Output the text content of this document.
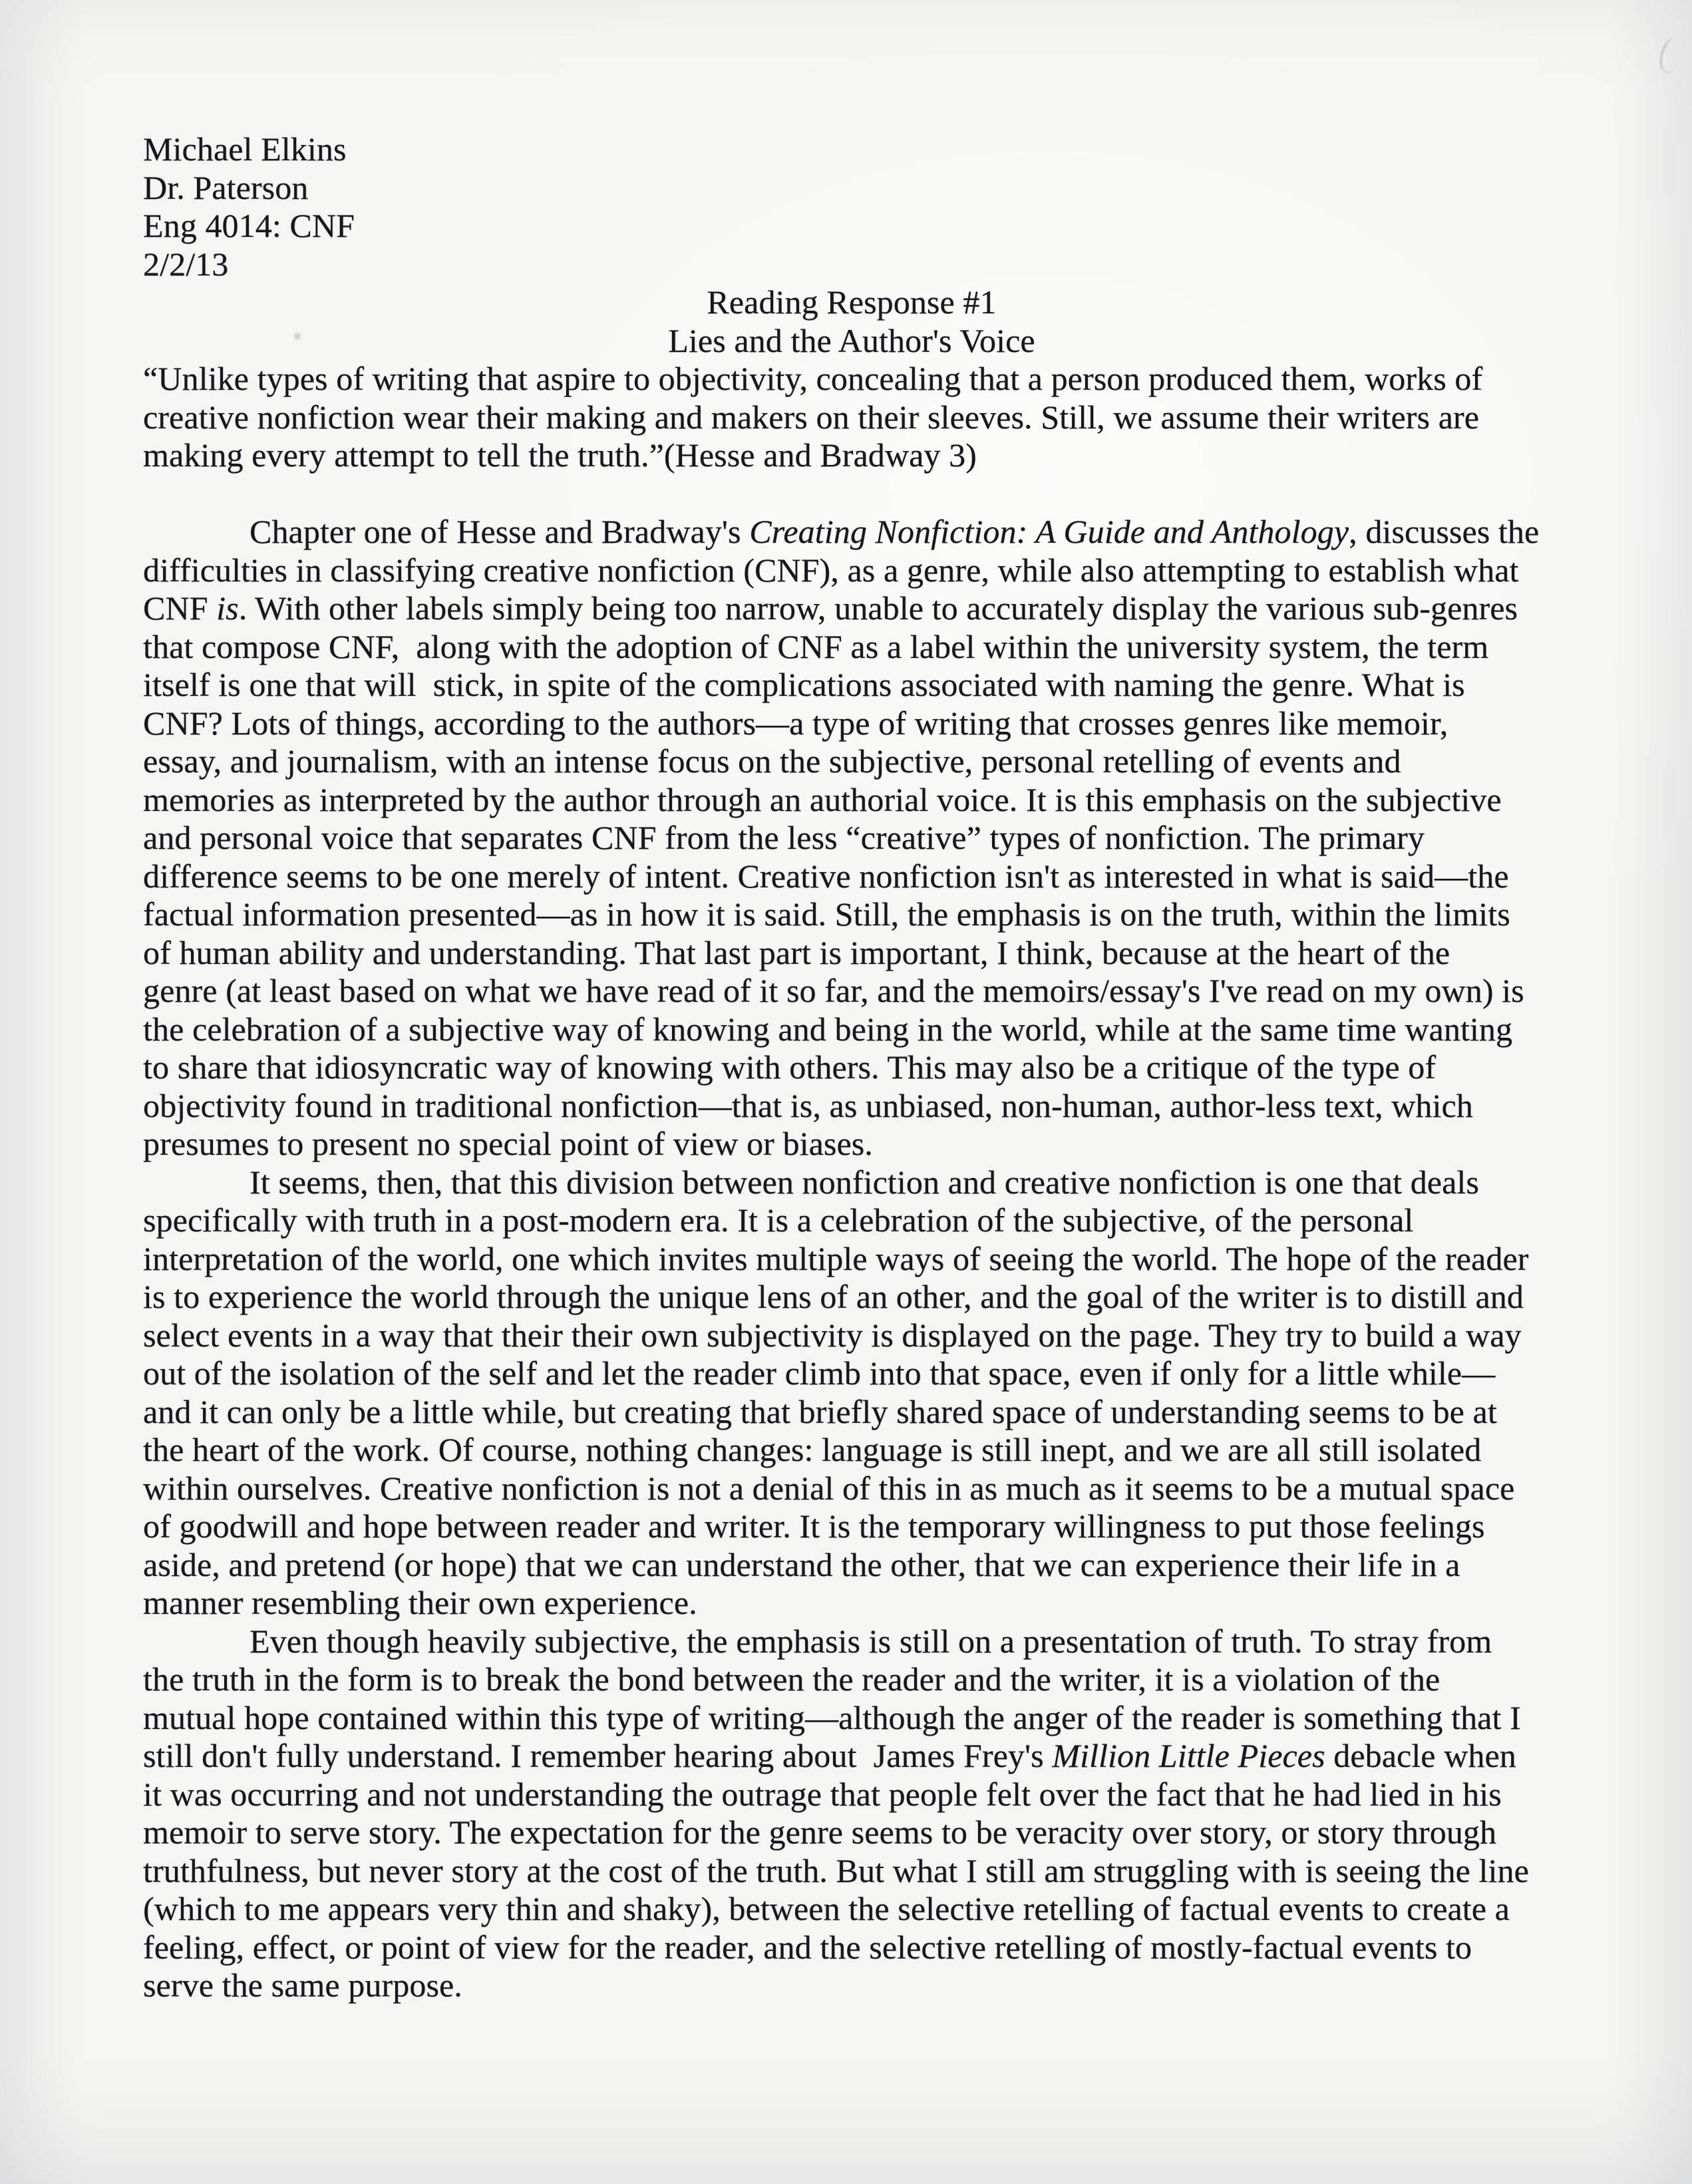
Michael Elkins
Dr. Paterson
Eng 4014: CNF
2/2/13
Reading Response #1
Lies and the Author's Voice
“Unlike types of writing that aspire to objectivity, concealing that a person produced them, works of
creative nonfiction wear their making and makers on their sleeves. Still, we assume their writers are
making every attempt to tell the truth.”(Hesse and Bradway 3)
Chapter one of Hesse and Bradway's Creating Nonfiction: A Guide and Anthology, discusses the
difficulties in classifying creative nonfiction (CNF), as a genre, while also attempting to establish what
CNF is. With other labels simply being too narrow, unable to accurately display the various sub-genres
that compose CNF,  along with the adoption of CNF as a label within the university system, the term
itself is one that will  stick, in spite of the complications associated with naming the genre. What is
CNF? Lots of things, according to the authors—a type of writing that crosses genres like memoir,
essay, and journalism, with an intense focus on the subjective, personal retelling of events and
memories as interpreted by the author through an authorial voice. It is this emphasis on the subjective
and personal voice that separates CNF from the less “creative” types of nonfiction. The primary
difference seems to be one merely of intent. Creative nonfiction isn't as interested in what is said—the
factual information presented—as in how it is said. Still, the emphasis is on the truth, within the limits
of human ability and understanding. That last part is important, I think, because at the heart of the
genre (at least based on what we have read of it so far, and the memoirs/essay's I've read on my own) is
the celebration of a subjective way of knowing and being in the world, while at the same time wanting
to share that idiosyncratic way of knowing with others. This may also be a critique of the type of
objectivity found in traditional nonfiction—that is, as unbiased, non-human, author-less text, which
presumes to present no special point of view or biases.
It seems, then, that this division between nonfiction and creative nonfiction is one that deals
specifically with truth in a post-modern era. It is a celebration of the subjective, of the personal
interpretation of the world, one which invites multiple ways of seeing the world. The hope of the reader
is to experience the world through the unique lens of an other, and the goal of the writer is to distill and
select events in a way that their their own subjectivity is displayed on the page. They try to build a way
out of the isolation of the self and let the reader climb into that space, even if only for a little while—
and it can only be a little while, but creating that briefly shared space of understanding seems to be at
the heart of the work. Of course, nothing changes: language is still inept, and we are all still isolated
within ourselves. Creative nonfiction is not a denial of this in as much as it seems to be a mutual space
of goodwill and hope between reader and writer. It is the temporary willingness to put those feelings
aside, and pretend (or hope) that we can understand the other, that we can experience their life in a
manner resembling their own experience.
Even though heavily subjective, the emphasis is still on a presentation of truth. To stray from
the truth in the form is to break the bond between the reader and the writer, it is a violation of the
mutual hope contained within this type of writing—although the anger of the reader is something that I
still don't fully understand. I remember hearing about  James Frey's Million Little Pieces debacle when
it was occurring and not understanding the outrage that people felt over the fact that he had lied in his
memoir to serve story. The expectation for the genre seems to be veracity over story, or story through
truthfulness, but never story at the cost of the truth. But what I still am struggling with is seeing the line
(which to me appears very thin and shaky), between the selective retelling of factual events to create a
feeling, effect, or point of view for the reader, and the selective retelling of mostly-factual events to
serve the same purpose.
